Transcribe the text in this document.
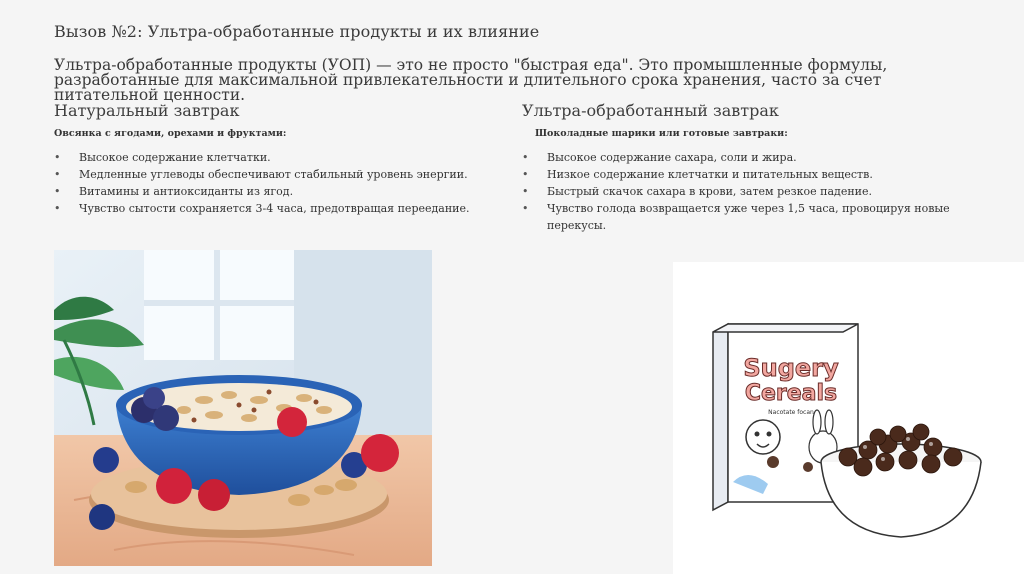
Вызов №2: Ультра-обработанные продукты и их влияние
Ультра-обработанные продукты (УОП) — это не просто "быстрая еда". Это промышленные формулы, разработанные для максимальной привлекательности и длительного срока хранения, часто за счет питательной ценности.
Натуральный завтрак
Овсянка с ягодами, орехами и фруктами:
• Высокое содержание клетчатки.
• Медленные углеводы обеспечивают стабильный уровень энергии.
• Витамины и антиоксиданты из ягод.
• Чувство сытости сохраняется 3-4 часа, предотвращая переедание.
Ультра-обработанный завтрак
Шоколадные шарики или готовые завтраки:
• Высокое содержание сахара, соли и жира.
• Низкое содержание клетчатки и питательных веществ.
• Быстрый скачок сахара в крови, затем резкое падение.
• Чувство голода возвращается уже через 1,5 часа, провоцируя новые перекусы.
Sugery
Cereals
Nacotate focan
